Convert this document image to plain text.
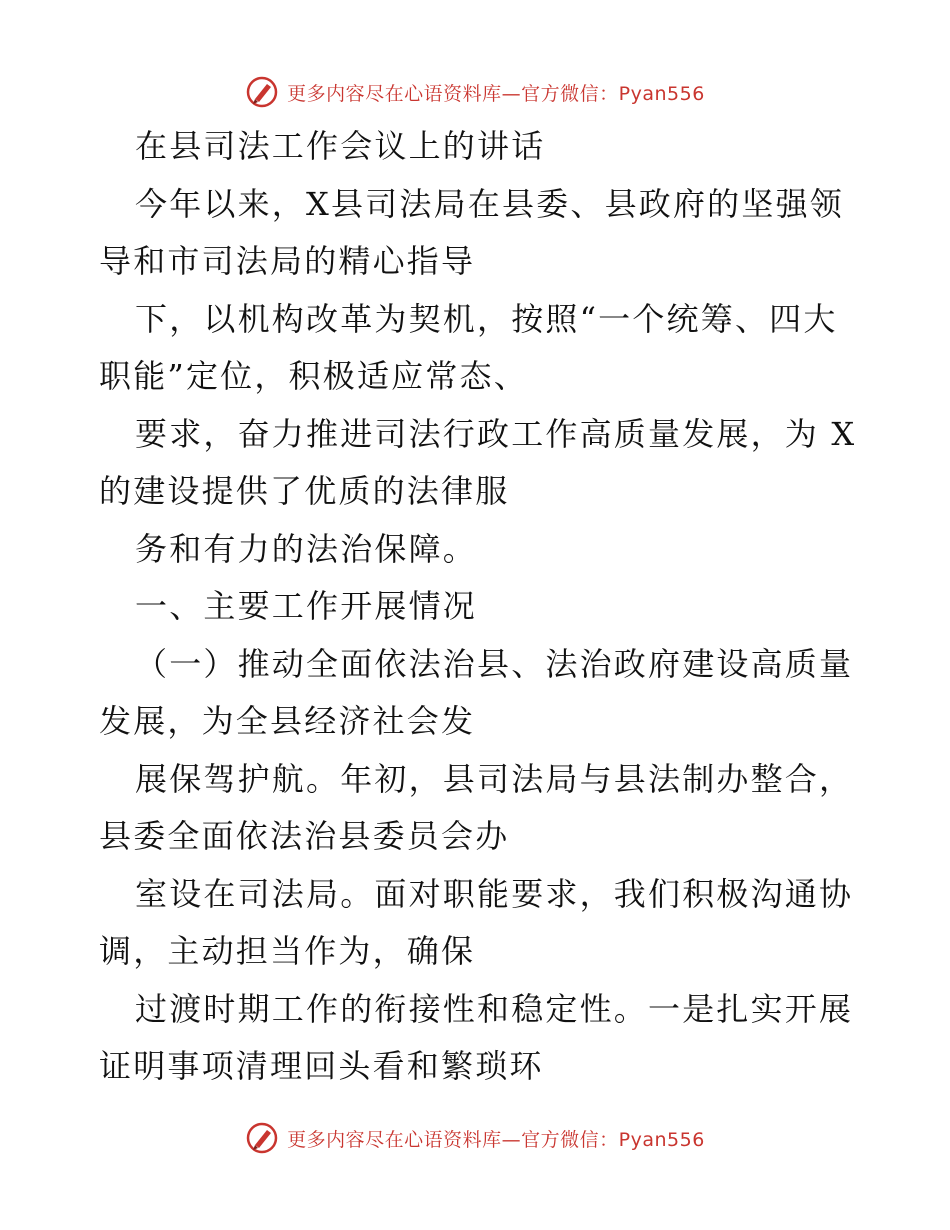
更多内容尽在心语资料库—官方微信：Pyan556
在县司法工作会议上的讲话
今年以来，X县司法局在县委、县政府的坚强领
导和市司法局的精心指导
下，以机构改革为契机，按照“一个统筹、四大
职能”定位，积极适应常态、
要求，奋力推进司法行政工作高质量发展，为 X
的建设提供了优质的法律服
务和有力的法治保障。
一、主要工作开展情况
（一）推动全面依法治县、法治政府建设高质量
发展，为全县经济社会发
展保驾护航。年初，县司法局与县法制办整合，
县委全面依法治县委员会办
室设在司法局。面对职能要求，我们积极沟通协
调，主动担当作为，确保
过渡时期工作的衔接性和稳定性。一是扎实开展
证明事项清理回头看和繁琐环
更多内容尽在心语资料库—官方微信：Pyan556
